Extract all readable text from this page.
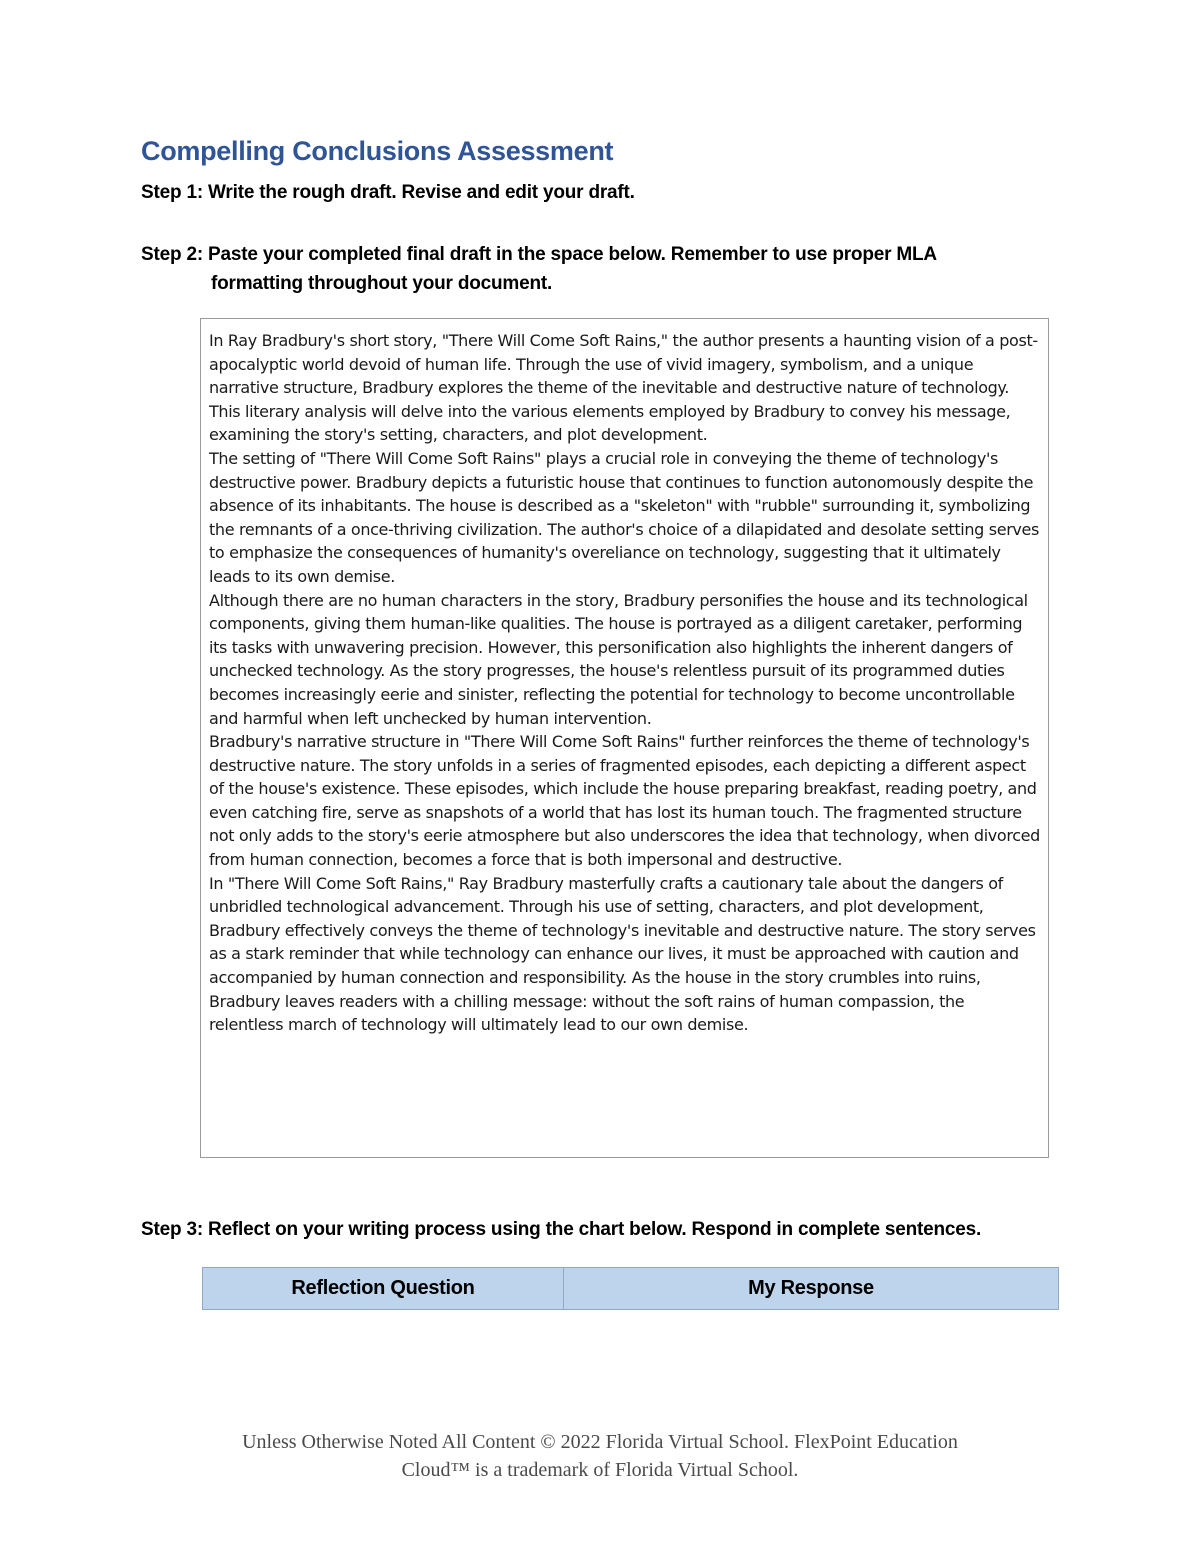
Compelling Conclusions Assessment
Step 1: Write the rough draft. Revise and edit your draft.
Step 2: Paste your completed final draft in the space below. Remember to use proper MLA
formatting throughout your document.

In Ray Bradbury's short story, "There Will Come Soft Rains," the author presents a haunting vision of a post-apocalyptic world devoid of human life. Through the use of vivid imagery, symbolism, and a unique narrative structure, Bradbury explores the theme of the inevitable and destructive nature of technology. This literary analysis will delve into the various elements employed by Bradbury to convey his message, examining the story's setting, characters, and plot development.

The setting of "There Will Come Soft Rains" plays a crucial role in conveying the theme of technology's destructive power. Bradbury depicts a futuristic house that continues to function autonomously despite the absence of its inhabitants. The house is described as a "skeleton" with "rubble" surrounding it, symbolizing the remnants of a once-thriving civilization. The author's choice of a dilapidated and desolate setting serves to emphasize the consequences of humanity's overeliance on technology, suggesting that it ultimately leads to its own demise.

Although there are no human characters in the story, Bradbury personifies the house and its technological components, giving them human-like qualities. The house is portrayed as a diligent caretaker, performing its tasks with unwavering precision. However, this personification also highlights the inherent dangers of unchecked technology. As the story progresses, the house's relentless pursuit of its programmed duties becomes increasingly eerie and sinister, reflecting the potential for technology to become uncontrollable and harmful when left unchecked by human intervention.

Bradbury's narrative structure in "There Will Come Soft Rains" further reinforces the theme of technology's destructive nature. The story unfolds in a series of fragmented episodes, each depicting a different aspect of the house's existence. These episodes, which include the house preparing breakfast, reading poetry, and even catching fire, serve as snapshots of a world that has lost its human touch. The fragmented structure not only adds to the story's eerie atmosphere but also underscores the idea that technology, when divorced from human connection, becomes a force that is both impersonal and destructive.

In "There Will Come Soft Rains," Ray Bradbury masterfully crafts a cautionary tale about the dangers of unbridled technological advancement. Through his use of setting, characters, and plot development, Bradbury effectively conveys the theme of technology's inevitable and destructive nature. The story serves as a stark reminder that while technology can enhance our lives, it must be approached with caution and accompanied by human connection and responsibility. As the house in the story crumbles into ruins, Bradbury leaves readers with a chilling message: without the soft rains of human compassion, the relentless march of technology will ultimately lead to our own demise.

Step 3: Reflect on your writing process using the chart below. Respond in complete sentences.
Reflection Question	My Response
Unless Otherwise Noted All Content © 2022 Florida Virtual School. FlexPoint Education
Cloud™ is a trademark of Florida Virtual School.
